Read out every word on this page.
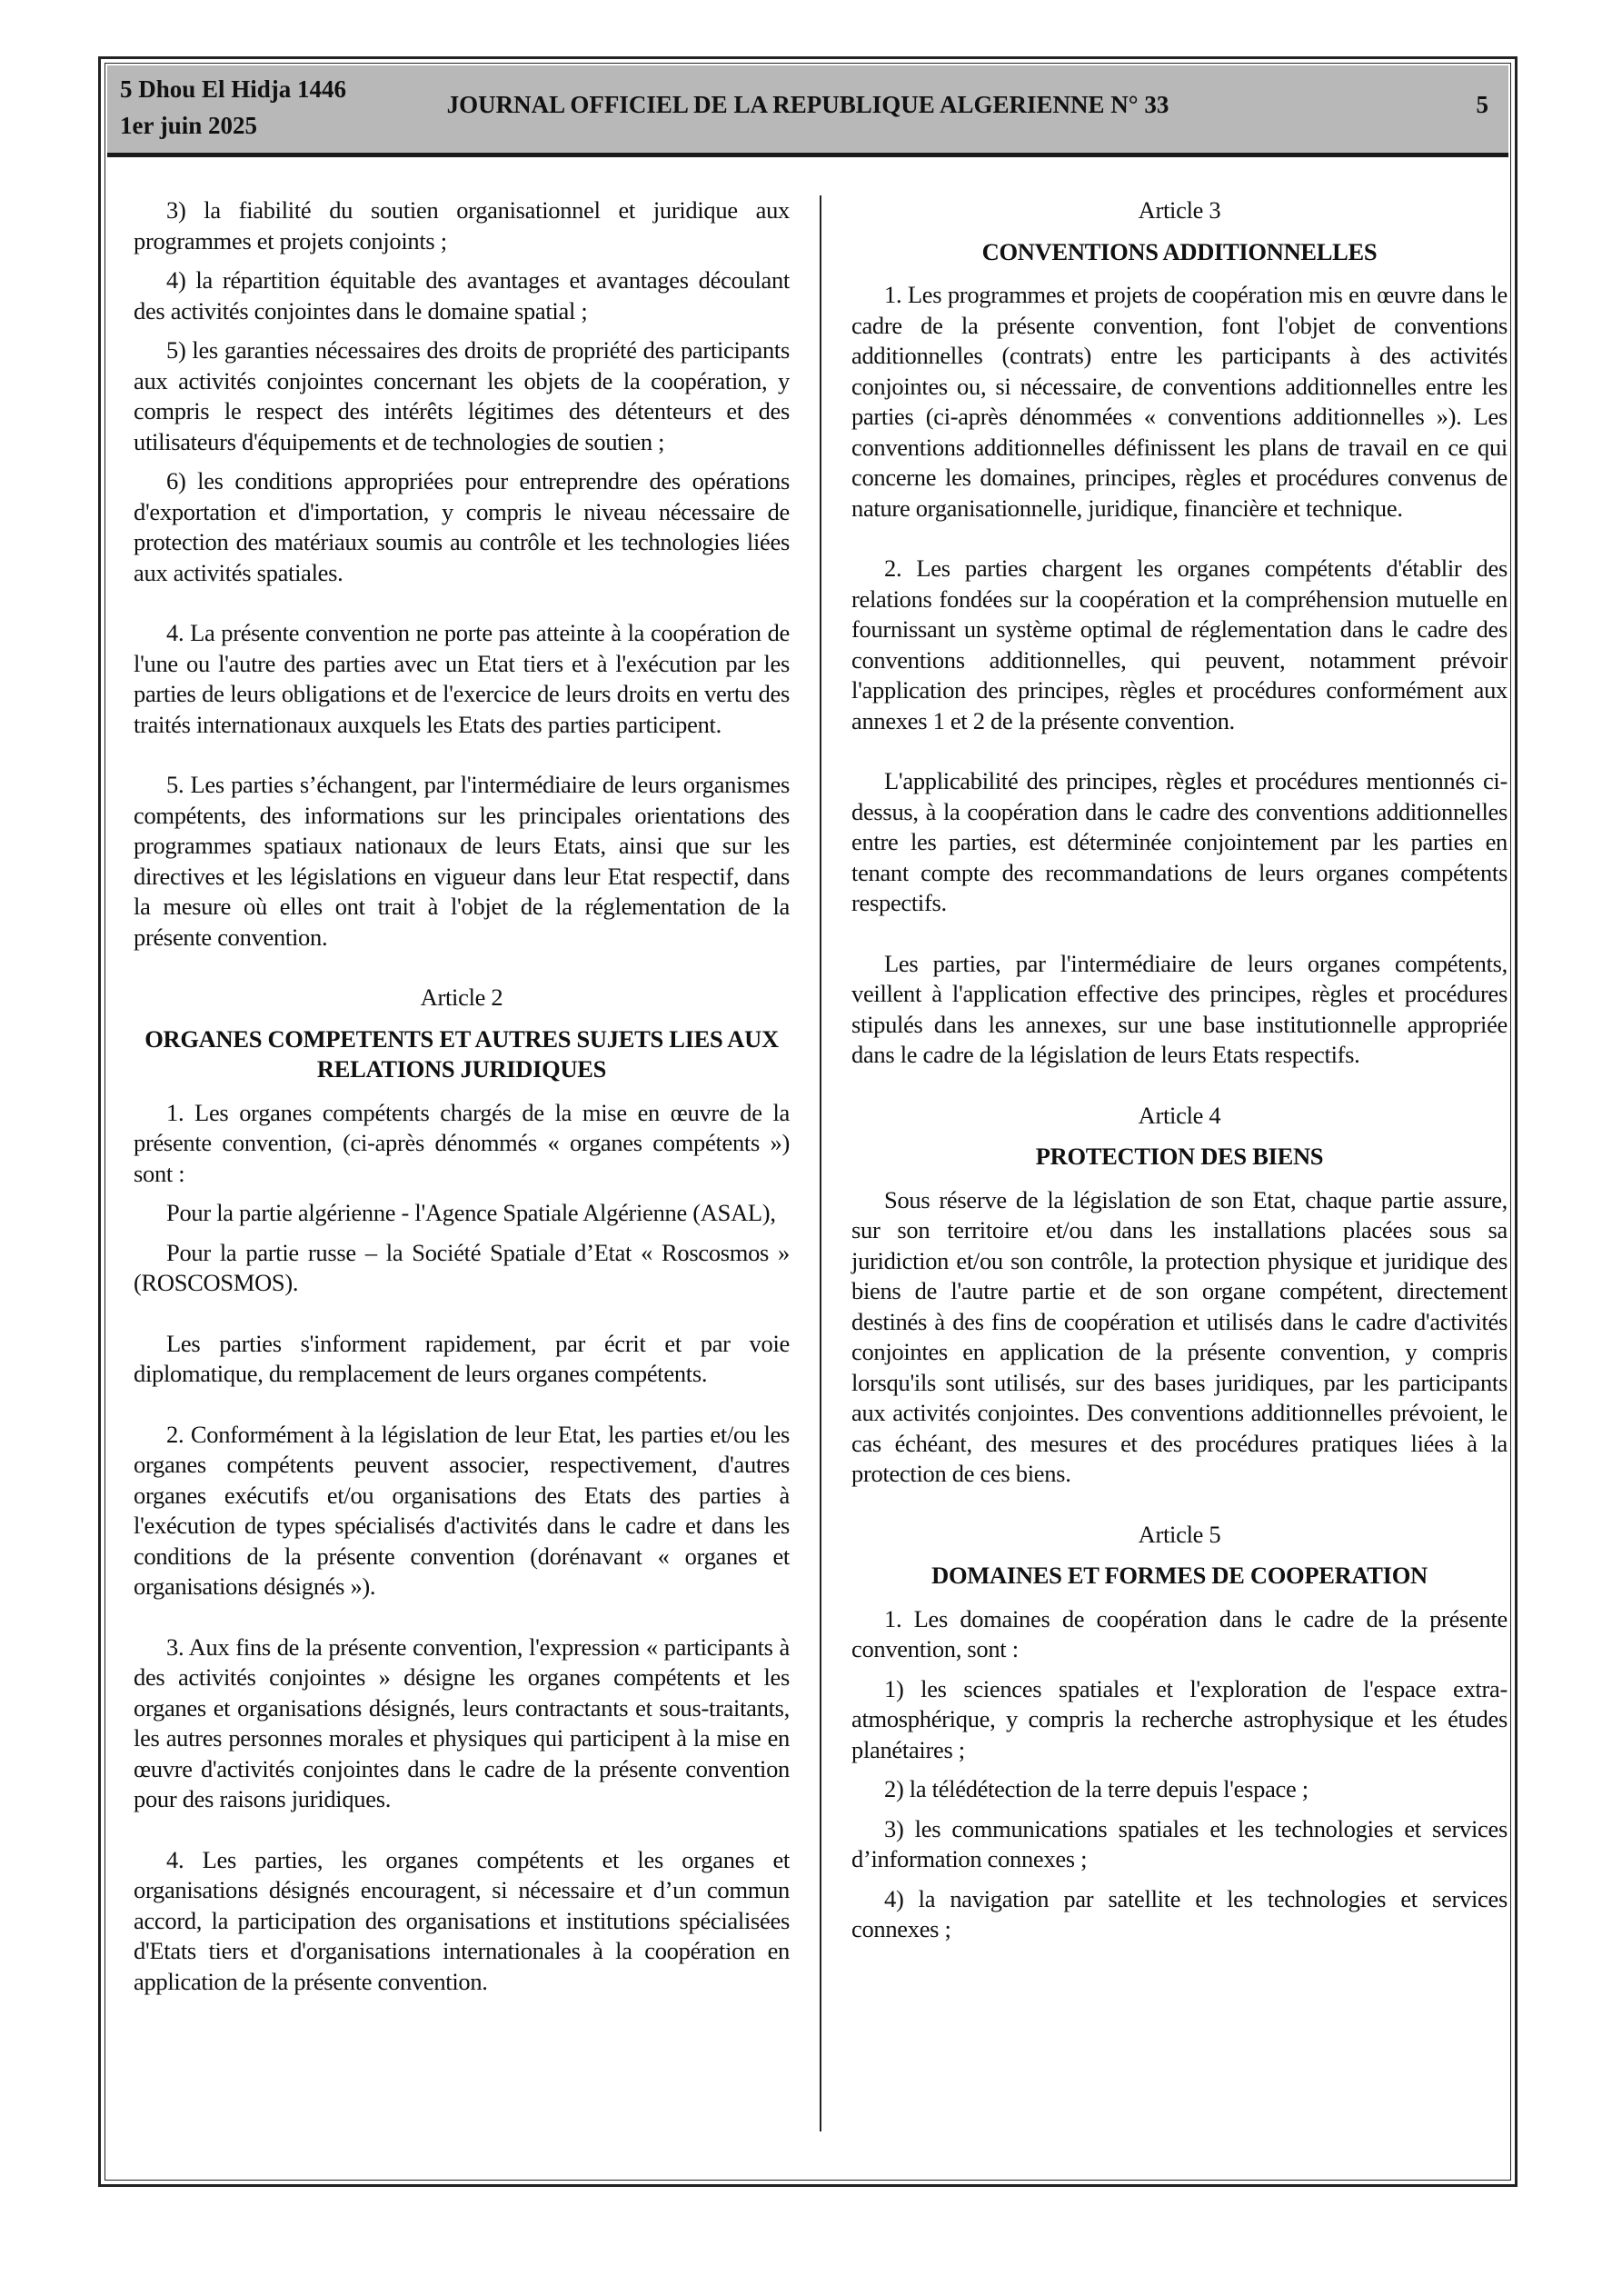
5 Dhou El Hidja 1446
1er juin 2025
JOURNAL OFFICIEL DE LA REPUBLIQUE ALGERIENNE N° 33	5

3) la fiabilité du soutien organisationnel et juridique aux programmes et projets conjoints ;

4) la répartition équitable des avantages et avantages découlant des activités conjointes dans le domaine spatial ;

5) les garanties nécessaires des droits de propriété des participants aux activités conjointes concernant les objets de la coopération, y compris le respect des intérêts légitimes des détenteurs et des utilisateurs d'équipements et de technologies de soutien ;

6) les conditions appropriées pour entreprendre des opérations d'exportation et d'importation, y compris le niveau nécessaire de protection des matériaux soumis au contrôle et les technologies liées aux activités spatiales.

4. La présente convention ne porte pas atteinte à la coopération de l'une ou l'autre des parties avec un Etat tiers et à l'exécution par les parties de leurs obligations et de l'exercice de leurs droits en vertu des traités internationaux auxquels les Etats des parties participent.

5. Les parties s’échangent, par l'intermédiaire de leurs organismes compétents, des informations sur les principales orientations des programmes spatiaux nationaux de leurs Etats, ainsi que sur les directives et les législations en vigueur dans leur Etat respectif, dans la mesure où elles ont trait à l'objet de la réglementation de la présente convention.

Article 2
ORGANES COMPETENTS ET AUTRES SUJETS LIES AUX RELATIONS JURIDIQUES

1. Les organes compétents chargés de la mise en œuvre de la présente convention, (ci-après dénommés « organes compétents ») sont :

Pour la partie algérienne - l'Agence Spatiale Algérienne (ASAL),

Pour la partie russe – la Société Spatiale d’Etat « Roscosmos » (ROSCOSMOS).

Les parties s'informent rapidement, par écrit et par voie diplomatique, du remplacement de leurs organes compétents.

2. Conformément à la législation de leur Etat, les parties et/ou les organes compétents peuvent associer, respectivement, d'autres organes exécutifs et/ou organisations des Etats des parties à l'exécution de types spécialisés d'activités dans le cadre et dans les conditions de la présente convention (dorénavant « organes et organisations désignés »).

3. Aux fins de la présente convention, l'expression « participants à des activités conjointes » désigne les organes compétents et les organes et organisations désignés, leurs contractants et sous-traitants, les autres personnes morales et physiques qui participent à la mise en œuvre d'activités conjointes dans le cadre de la présente convention pour des raisons juridiques.

4. Les parties, les organes compétents et les organes et organisations désignés encouragent, si nécessaire et d’un commun accord, la participation des organisations et institutions spécialisées d'Etats tiers et d'organisations internationales à la coopération en application de la présente convention.

Article 3
CONVENTIONS ADDITIONNELLES

1. Les programmes et projets de coopération mis en œuvre dans le cadre de la présente convention, font l'objet de conventions additionnelles (contrats) entre les participants à des activités conjointes ou, si nécessaire, de conventions additionnelles entre les parties (ci-après dénommées « conventions additionnelles »). Les conventions additionnelles définissent les plans de travail en ce qui concerne les domaines, principes, règles et procédures convenus de nature organisationnelle, juridique, financière et technique.

2. Les parties chargent les organes compétents d'établir des relations fondées sur la coopération et la compréhension mutuelle en fournissant un système optimal de réglementation dans le cadre des conventions additionnelles, qui peuvent, notamment prévoir l'application des principes, règles et procédures conformément aux annexes 1 et 2 de la présente convention.

L'applicabilité des principes, règles et procédures mentionnés ci-dessus, à la coopération dans le cadre des conventions additionnelles entre les parties, est déterminée conjointement par les parties en tenant compte des recommandations de leurs organes compétents respectifs.

Les parties, par l'intermédiaire de leurs organes compétents, veillent à l'application effective des principes, règles et procédures stipulés dans les annexes, sur une base institutionnelle appropriée dans le cadre de la législation de leurs Etats respectifs.

Article 4
PROTECTION DES BIENS

Sous réserve de la législation de son Etat, chaque partie assure, sur son territoire et/ou dans les installations placées sous sa juridiction et/ou son contrôle, la protection physique et juridique des biens de l'autre partie et de son organe compétent, directement destinés à des fins de coopération et utilisés dans le cadre d'activités conjointes en application de la présente convention, y compris lorsqu'ils sont utilisés, sur des bases juridiques, par les participants aux activités conjointes. Des conventions additionnelles prévoient, le cas échéant, des mesures et des procédures pratiques liées à la protection de ces biens.

Article 5
DOMAINES ET FORMES DE COOPERATION

1. Les domaines de coopération dans le cadre de la présente convention, sont :

1) les sciences spatiales et l'exploration de l'espace extra-atmosphérique, y compris la recherche astrophysique et les études planétaires ;

2) la télédétection de la terre depuis l'espace ;

3) les communications spatiales et les technologies et services d’information connexes ;

4) la navigation par satellite et les technologies et services connexes ;
